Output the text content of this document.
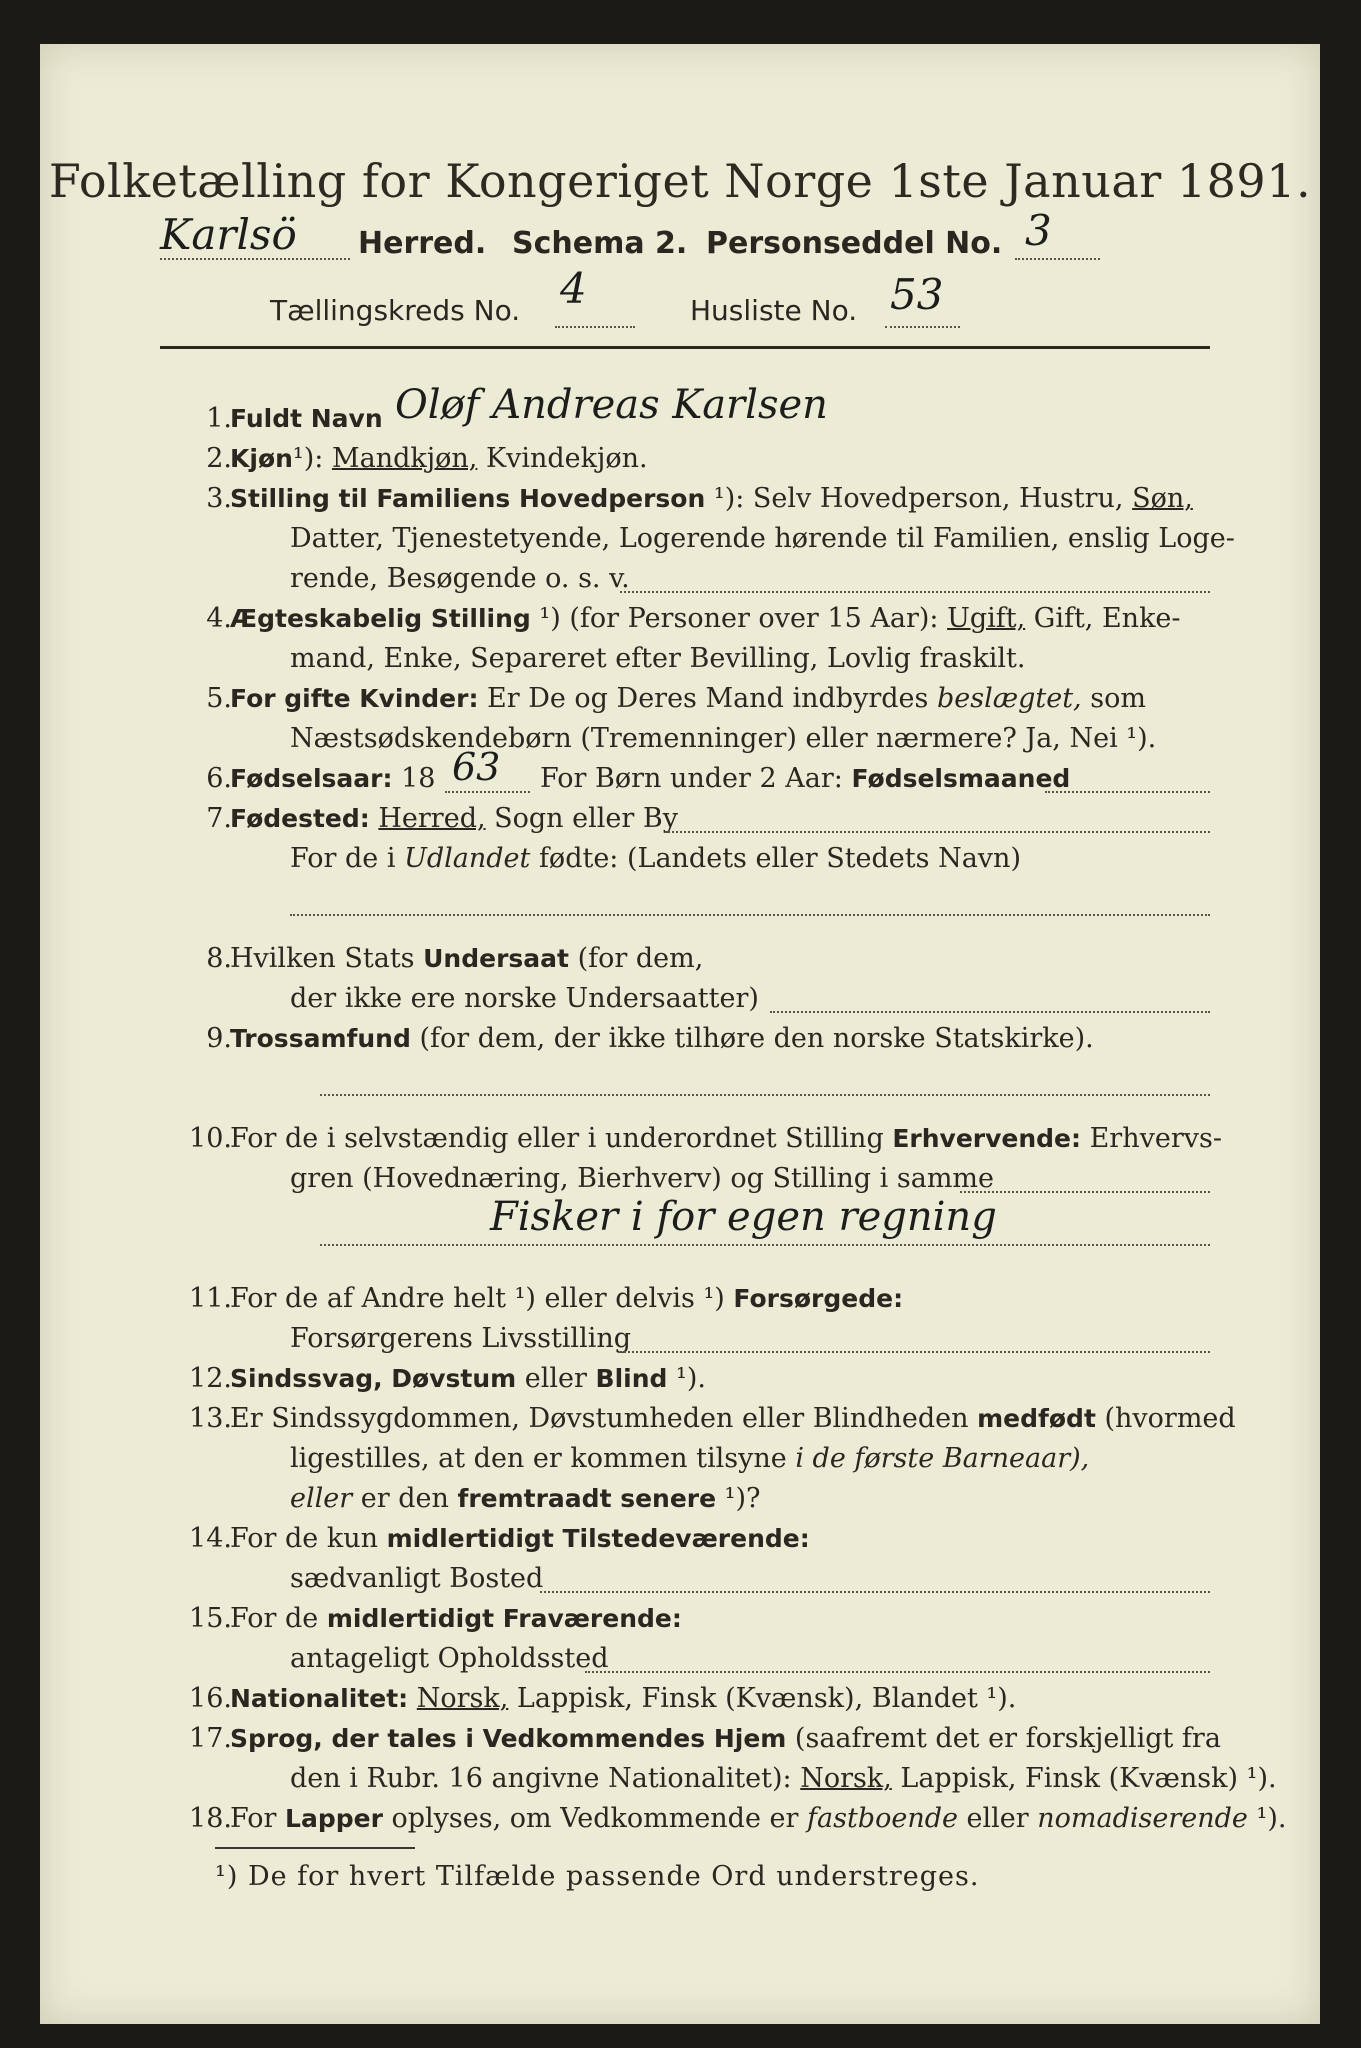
Folketælling for Kongeriget Norge 1ste Januar 1891.
Karlsö Herred. Schema 2. Personseddel No. 3
Tællingskreds No. 4	Husliste No. 53
1.
Fuldt Navn Oløf Andreas Karlsen
2.
Kjøn¹): Mandkjøn, Kvindekjøn.
3.
Stilling til Familiens Hovedperson ¹): Selv Hovedperson, Hustru, Søn,
Datter, Tjenestetyende, Logerende hørende til Familien, enslig Loge-
rende, Besøgende o. s. v.
4.
Ægteskabelig Stilling ¹) (for Personer over 15 Aar): Ugift, Gift, Enke-
mand, Enke, Separeret efter Bevilling, Lovlig fraskilt.
5.
For gifte Kvinder: Er De og Deres Mand indbyrdes beslægtet, som
Næstsødskendebørn (Tremenninger) eller nærmere? Ja, Nei ¹).
6.
Fødselsaar: 18 63 For Børn under 2 Aar: Fødselsmaaned
7.
Fødested: Herred, Sogn eller By
For de i Udlandet fødte: (Landets eller Stedets Navn)
8.
Hvilken Stats Undersaat (for dem,
der ikke ere norske Undersaatter)
9.
Trossamfund (for dem, der ikke tilhøre den norske Statskirke).
10.
For de i selvstændig eller i underordnet Stilling Erhvervende: Erhvervs-
gren (Hovednæring, Bierhverv) og Stilling i samme
Fisker i for egen regning
11.
For de af Andre helt ¹) eller delvis ¹) Forsørgede:
Forsørgerens Livsstilling
12.
Sindssvag, Døvstum eller Blind ¹).
13.
Er Sindssygdommen, Døvstumheden eller Blindheden medfødt (hvormed
ligestilles, at den er kommen tilsyne i de første Barneaar),
eller er den fremtraadt senere ¹)?
14.
For de kun midlertidigt Tilstedeværende:
sædvanligt Bosted
15.
For de midlertidigt Fraværende:
antageligt Opholdssted
16.
Nationalitet: Norsk, Lappisk, Finsk (Kvænsk), Blandet ¹).
17.
Sprog, der tales i Vedkommendes Hjem (saafremt det er forskjelligt fra
den i Rubr. 16 angivne Nationalitet): Norsk, Lappisk, Finsk (Kvænsk) ¹).
18.
For Lapper oplyses, om Vedkommende er fastboende eller nomadiserende ¹).
¹) De for hvert Tilfælde passende Ord understreges.
